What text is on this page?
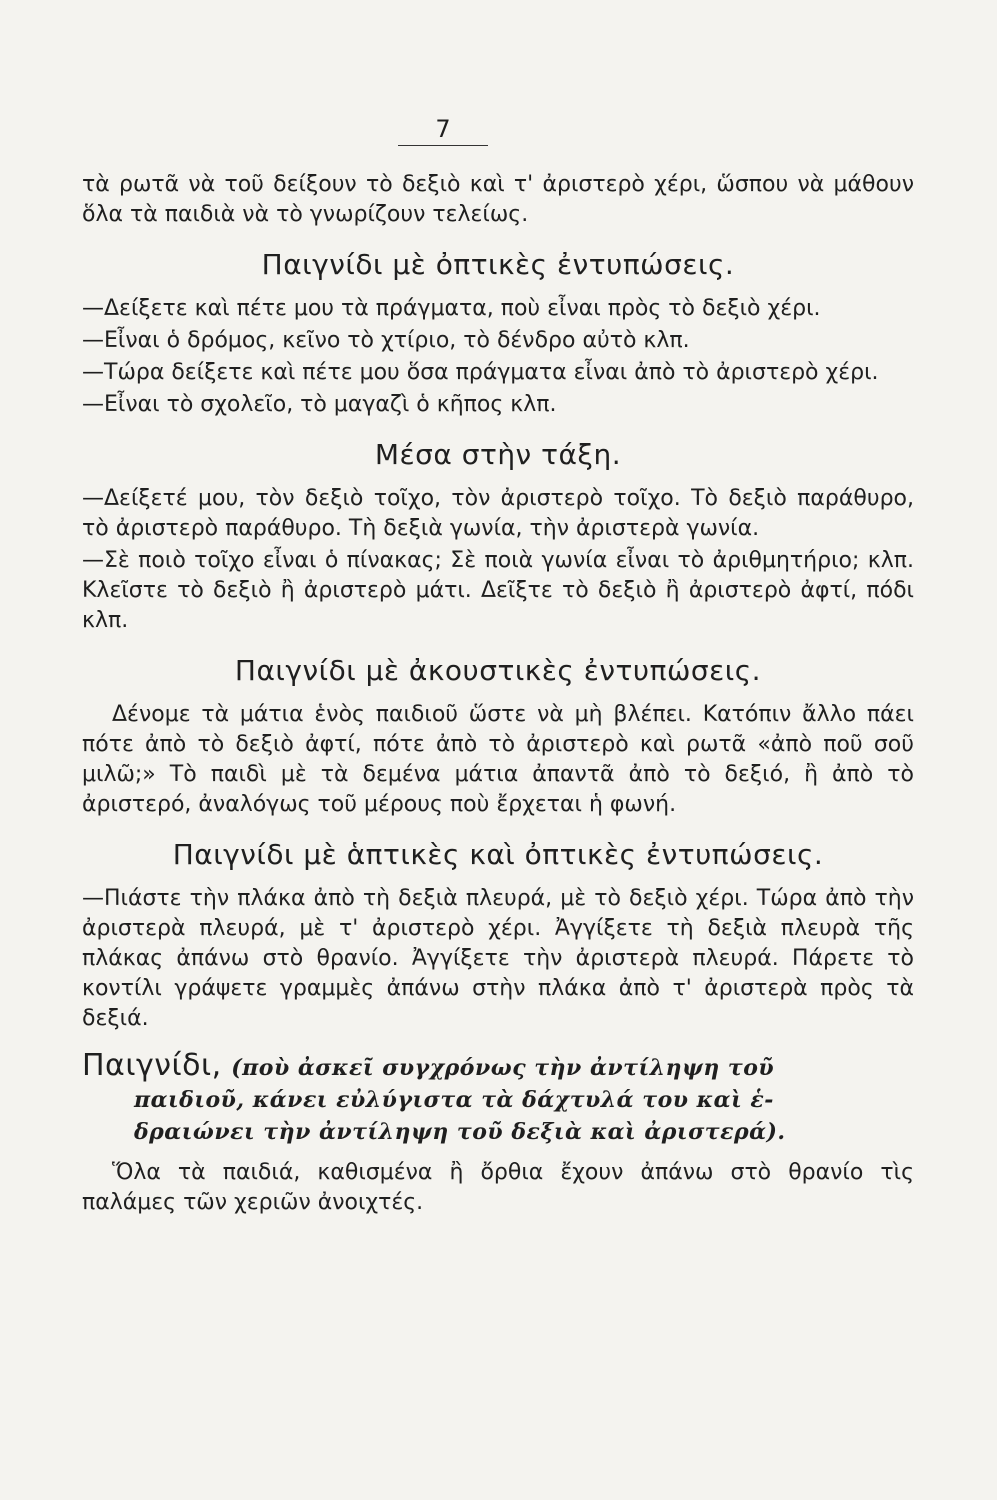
7

τὰ ρωτᾶ νὰ τοῦ δείξουν τὸ δεξιὸ καὶ τ' ἀριστερὸ χέρι, ὥσπου νὰ μάθουν ὅλα τὰ παιδιὰ νὰ τὸ γνωρίζουν τελείως.

Παιγνίδι μὲ ὀπτικὲς ἐντυπώσεις.

—Δείξετε καὶ πέτε μου τὰ πράγματα, ποὺ εἶναι πρὸς τὸ δεξιὸ χέρι.

—Εἶναι ὁ δρόμος, κεῖνο τὸ χτίριο, τὸ δένδρο αὐτὸ κλπ.

—Τώρα δείξετε καὶ πέτε μου ὅσα πράγματα εἶναι ἀπὸ τὸ ἀριστερὸ χέρι.

—Εἶναι τὸ σχολεῖο, τὸ μαγαζὶ ὁ κῆπος κλπ.

Μέσα στὴν τάξη.

—Δείξετέ μου, τὸν δεξιὸ τοῖχο, τὸν ἀριστερὸ τοῖχο. Τὸ δεξιὸ παράθυρο, τὸ ἀριστερὸ παράθυρο. Τὴ δεξιὰ γωνία, τὴν ἀριστερὰ γωνία.

—Σὲ ποιὸ τοῖχο εἶναι ὁ πίνακας; Σὲ ποιὰ γωνία εἶναι τὸ ἀριθμητήριο; κλπ. Κλεῖστε τὸ δεξιὸ ἢ ἀριστερὸ μάτι. Δεῖξτε τὸ δεξιὸ ἢ ἀριστερὸ ἀφτί, πόδι κλπ.

Παιγνίδι μὲ ἀκουστικὲς ἐντυπώσεις.

Δένομε τὰ μάτια ἑνὸς παιδιοῦ ὥστε νὰ μὴ βλέπει. Κατόπιν ἄλλο πάει πότε ἀπὸ τὸ δεξιὸ ἀφτί, πότε ἀπὸ τὸ ἀριστερὸ καὶ ρωτᾶ «ἀπὸ ποῦ σοῦ μιλῶ;» Τὸ παιδὶ μὲ τὰ δεμένα μάτια ἀπαντᾶ ἀπὸ τὸ δεξιό, ἢ ἀπὸ τὸ ἀριστερό, ἀναλόγως τοῦ μέρους ποὺ ἔρχεται ἡ φωνή.

Παιγνίδι μὲ ἁπτικὲς καὶ ὀπτικὲς ἐντυπώσεις.

—Πιάστε τὴν πλάκα ἀπὸ τὴ δεξιὰ πλευρά, μὲ τὸ δεξιὸ χέρι. Τώρα ἀπὸ τὴν ἀριστερὰ πλευρά, μὲ τ' ἀριστερὸ χέρι. Ἀγγίξετε τὴ δεξιὰ πλευρὰ τῆς πλάκας ἀπάνω στὸ θρανίο. Ἀγγίξετε τὴν ἀριστερὰ πλευρά. Πάρετε τὸ κοντίλι γράψετε γραμμὲς ἀπάνω στὴν πλάκα ἀπὸ τ' ἀριστερὰ πρὸς τὰ δεξιά.

Παιγνίδι, (ποὺ ἀσκεῖ συγχρόνως τὴν ἀντίληψη τοῦ
παιδιοῦ, κάνει εὐλύγιστα τὰ δάχτυλά του καὶ ἑ-
δραιώνει τὴν ἀντίληψη τοῦ δεξιὰ καὶ ἀριστερά).

Ὅλα τὰ παιδιά, καθισμένα ἢ ὄρθια ἔχουν ἀπάνω στὸ θρανίο τὶς παλάμες τῶν χεριῶν ἀνοιχτές.
